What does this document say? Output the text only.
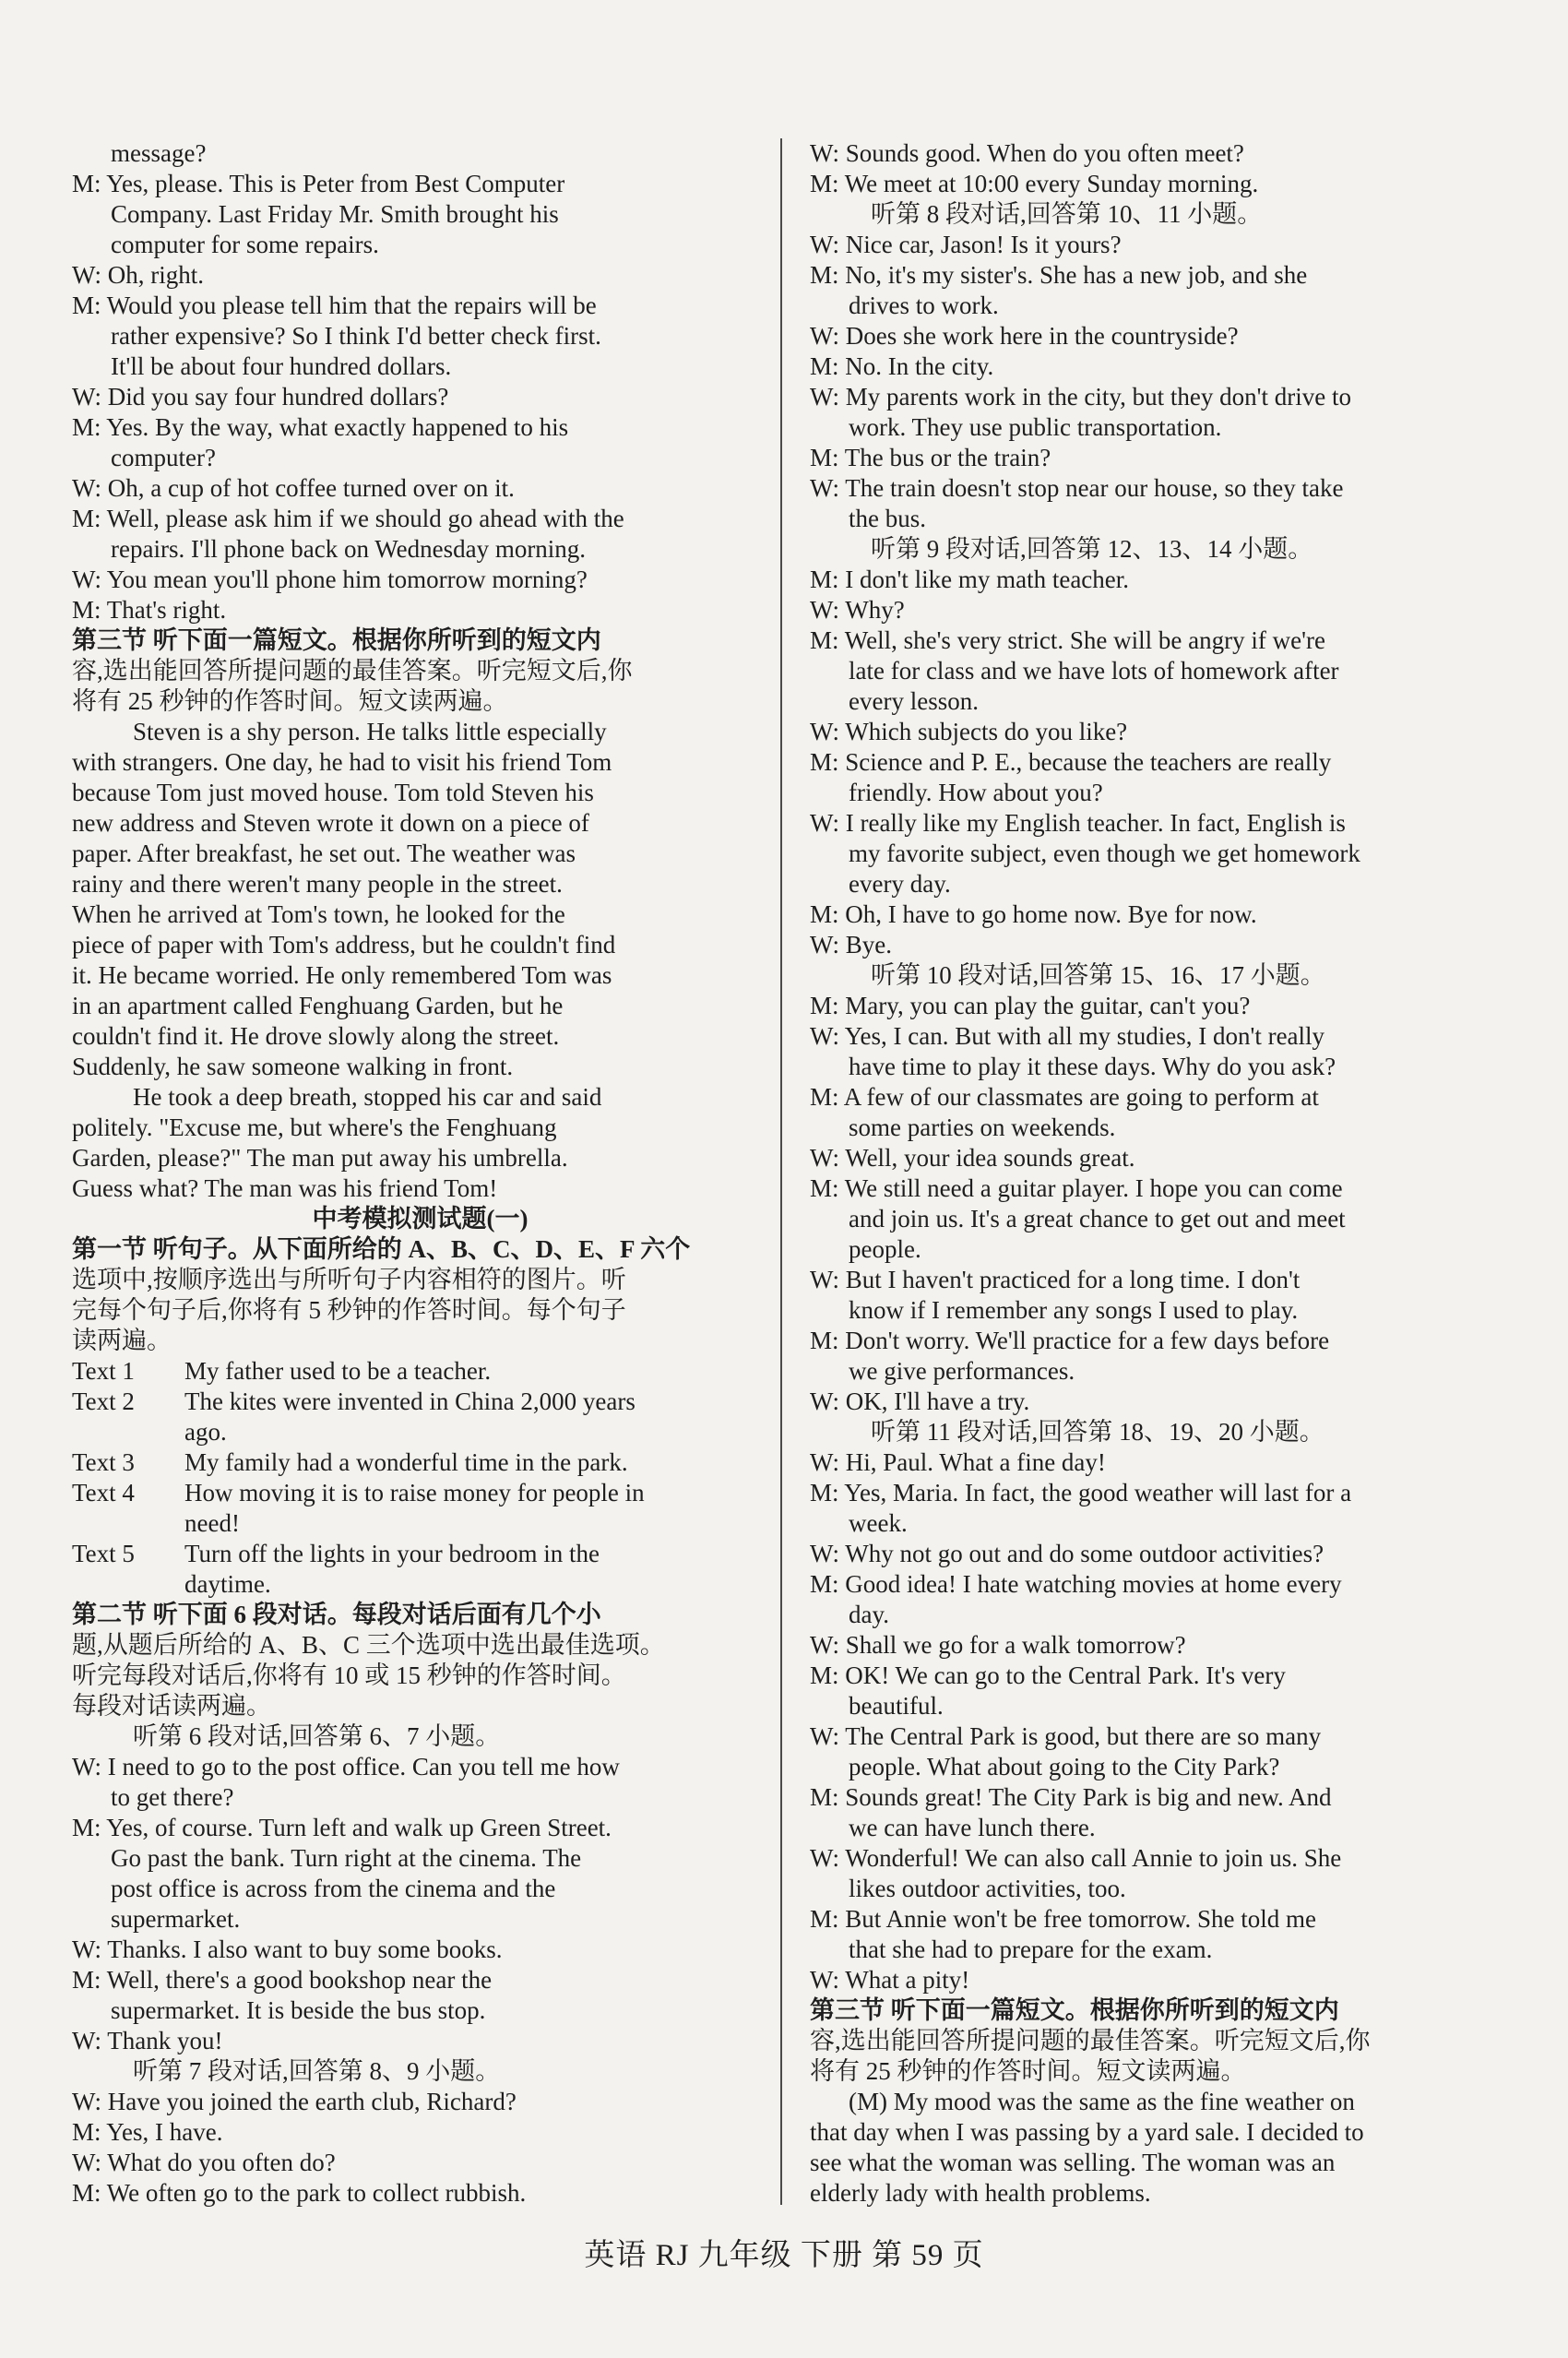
message?
M: Yes, please. This is Peter from Best Computer
Company. Last Friday Mr. Smith brought his
computer for some repairs.
W: Oh, right.
M: Would you please tell him that the repairs will be
rather expensive? So I think I'd better check first.
It'll be about four hundred dollars.
W: Did you say four hundred dollars?
M: Yes. By the way, what exactly happened to his
computer?
W: Oh, a cup of hot coffee turned over on it.
M: Well, please ask him if we should go ahead with the
repairs. I'll phone back on Wednesday morning.
W: You mean you'll phone him tomorrow morning?
M: That's right.
第三节 听下面一篇短文。根据你所听到的短文内
容,选出能回答所提问题的最佳答案。听完短文后,你
将有 25 秒钟的作答时间。短文读两遍。
Steven is a shy person. He talks little especially
with strangers. One day, he had to visit his friend Tom
because Tom just moved house. Tom told Steven his
new address and Steven wrote it down on a piece of
paper. After breakfast, he set out. The weather was
rainy and there weren't many people in the street.
When he arrived at Tom's town, he looked for the
piece of paper with Tom's address, but he couldn't find
it. He became worried. He only remembered Tom was
in an apartment called Fenghuang Garden, but he
couldn't find it. He drove slowly along the street.
Suddenly, he saw someone walking in front.
He took a deep breath, stopped his car and said
politely. "Excuse me, but where's the Fenghuang
Garden, please?" The man put away his umbrella.
Guess what? The man was his friend Tom!
中考模拟测试题(一)
第一节 听句子。从下面所给的 A、B、C、D、E、F 六个
选项中,按顺序选出与所听句子内容相符的图片。听
完每个句子后,你将有 5 秒钟的作答时间。每个句子
读两遍。
Text 1	My father used to be a teacher.
Text 2	The kites were invented in China 2,000 years
ago.
Text 3	My family had a wonderful time in the park.
Text 4	How moving it is to raise money for people in
need!
Text 5	Turn off the lights in your bedroom in the
daytime.
第二节 听下面 6 段对话。每段对话后面有几个小
题,从题后所给的 A、B、C 三个选项中选出最佳选项。
听完每段对话后,你将有 10 或 15 秒钟的作答时间。
每段对话读两遍。
听第 6 段对话,回答第 6、7 小题。
W: I need to go to the post office. Can you tell me how
to get there?
M: Yes, of course. Turn left and walk up Green Street.
Go past the bank. Turn right at the cinema. The
post office is across from the cinema and the
supermarket.
W: Thanks. I also want to buy some books.
M: Well, there's a good bookshop near the
supermarket. It is beside the bus stop.
W: Thank you!
听第 7 段对话,回答第 8、9 小题。
W: Have you joined the earth club, Richard?
M: Yes, I have.
W: What do you often do?
M: We often go to the park to collect rubbish.
W: Sounds good. When do you often meet?
M: We meet at 10:00 every Sunday morning.
听第 8 段对话,回答第 10、11 小题。
W: Nice car, Jason! Is it yours?
M: No, it's my sister's. She has a new job, and she
drives to work.
W: Does she work here in the countryside?
M: No. In the city.
W: My parents work in the city, but they don't drive to
work. They use public transportation.
M: The bus or the train?
W: The train doesn't stop near our house, so they take
the bus.
听第 9 段对话,回答第 12、13、14 小题。
M: I don't like my math teacher.
W: Why?
M: Well, she's very strict. She will be angry if we're
late for class and we have lots of homework after
every lesson.
W: Which subjects do you like?
M: Science and P. E., because the teachers are really
friendly. How about you?
W: I really like my English teacher. In fact, English is
my favorite subject, even though we get homework
every day.
M: Oh, I have to go home now. Bye for now.
W: Bye.
听第 10 段对话,回答第 15、16、17 小题。
M: Mary, you can play the guitar, can't you?
W: Yes, I can. But with all my studies, I don't really
have time to play it these days. Why do you ask?
M: A few of our classmates are going to perform at
some parties on weekends.
W: Well, your idea sounds great.
M: We still need a guitar player. I hope you can come
and join us. It's a great chance to get out and meet
people.
W: But I haven't practiced for a long time. I don't
know if I remember any songs I used to play.
M: Don't worry. We'll practice for a few days before
we give performances.
W: OK, I'll have a try.
听第 11 段对话,回答第 18、19、20 小题。
W: Hi, Paul. What a fine day!
M: Yes, Maria. In fact, the good weather will last for a
week.
W: Why not go out and do some outdoor activities?
M: Good idea! I hate watching movies at home every
day.
W: Shall we go for a walk tomorrow?
M: OK! We can go to the Central Park. It's very
beautiful.
W: The Central Park is good, but there are so many
people. What about going to the City Park?
M: Sounds great! The City Park is big and new. And
we can have lunch there.
W: Wonderful! We can also call Annie to join us. She
likes outdoor activities, too.
M: But Annie won't be free tomorrow. She told me
that she had to prepare for the exam.
W: What a pity!
第三节 听下面一篇短文。根据你所听到的短文内
容,选出能回答所提问题的最佳答案。听完短文后,你
将有 25 秒钟的作答时间。短文读两遍。
(M) My mood was the same as the fine weather on
that day when I was passing by a yard sale. I decided to
see what the woman was selling. The woman was an
elderly lady with health problems.
英语 RJ 九年级 下册 第 59 页
